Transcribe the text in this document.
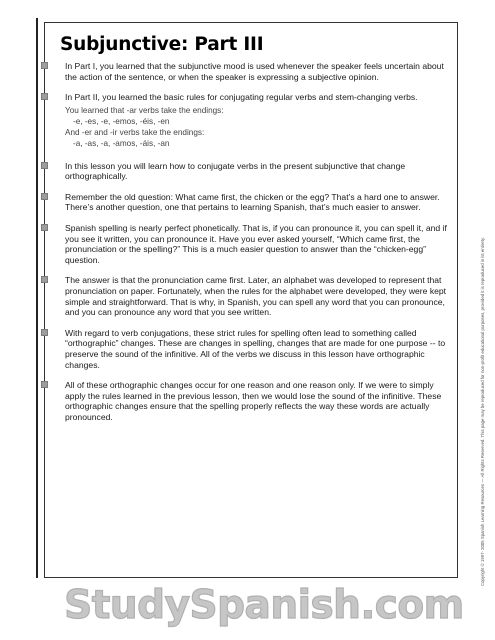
Subjunctive: Part III

In Part I, you learned that the subjunctive mood is used whenever the speaker feels uncertain about the action of the sentence, or when the speaker is expressing a subjective opinion.

In Part II, you learned the basic rules for conjugating regular verbs and stem-changing verbs.

You learned that -ar verbs take the endings:

-e, -es, -e, -emos, -éis, -en

And -er and -ir verbs take the endings:

-a, -as, -a, -amos, -áis, -an

In this lesson you will learn how to conjugate verbs in the present subjunctive that change orthographically.

Remember the old question: What came first, the chicken or the egg? That’s a hard one to answer. There’s another question, one that pertains to learning Spanish, that’s much easier to answer.

Spanish spelling is nearly perfect phonetically. That is, if you can pronounce it, you can spell it, and if you see it written, you can pronounce it. Have you ever asked yourself, “Which came first, the pronunciation or the spelling?” This is a much easier question to answer than the “chicken-egg” question.

The answer is that the pronunciation came first. Later, an alphabet was developed to represent that pronunciation on paper. Fortunately, when the rules for the alphabet were developed, they were kept simple and straightforward. That is why, in Spanish, you can spell any word that you can pronounce, and you can pronounce any word that you see written.

With regard to verb conjugations, these strict rules for spelling often lead to something called “orthographic” changes. These are changes in spelling, changes that are made for one purpose -- to preserve the sound of the infinitive. All of the verbs we discuss in this lesson have orthographic changes.

All of these orthographic changes occur for one reason and one reason only. If we were to simply apply the rules learned in the previous lesson, then we would lose the sound of the infinitive. These orthographic changes ensure that the spelling properly reflects the way these words are actually pronounced.	Copyright © 1997- 2005 Spanish Learning Resources — All Rights Reserved. This page may be reproduced for non-profit educational purposes, provided it is reproduced in its entirety.
StudySpanish.com
